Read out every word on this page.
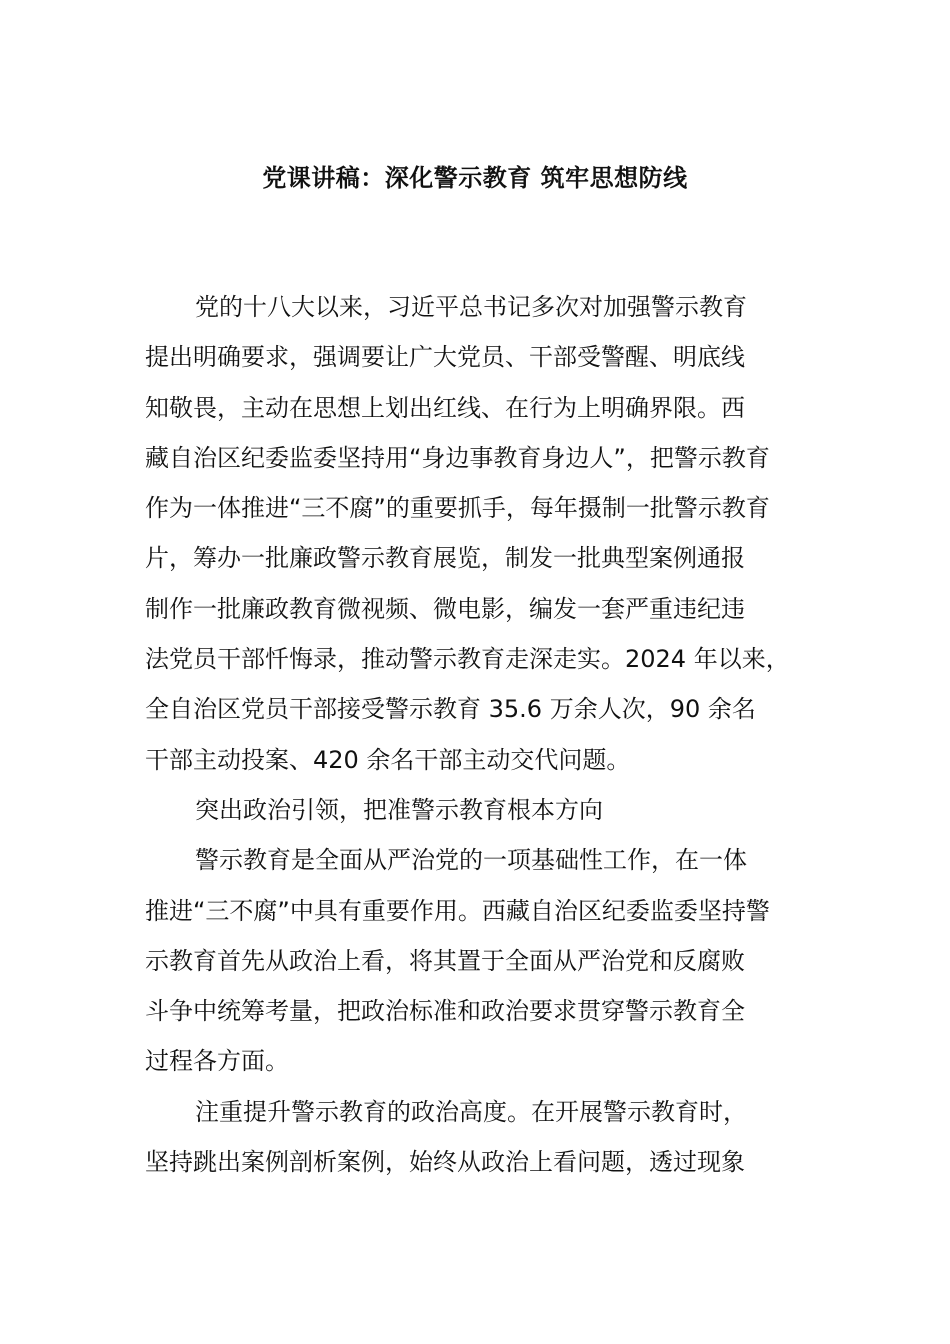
党课讲稿：深化警示教育 筑牢思想防线
党的十八大以来，习近平总书记多次对加强警示教育
提出明确要求，强调要让广大党员、干部受警醒、明底线
知敬畏，主动在思想上划出红线、在行为上明确界限。西
藏自治区纪委监委坚持用“身边事教育身边人”，把警示教育
作为一体推进“三不腐”的重要抓手，每年摄制一批警示教育
片，筹办一批廉政警示教育展览，制发一批典型案例通报
制作一批廉政教育微视频、微电影，编发一套严重违纪违
法党员干部忏悔录，推动警示教育走深走实。2024 年以来，
全自治区党员干部接受警示教育 35.6 万余人次，90 余名
干部主动投案、420 余名干部主动交代问题。
突出政治引领，把准警示教育根本方向
警示教育是全面从严治党的一项基础性工作，在一体
推进“三不腐”中具有重要作用。西藏自治区纪委监委坚持警
示教育首先从政治上看，将其置于全面从严治党和反腐败
斗争中统筹考量，把政治标准和政治要求贯穿警示教育全
过程各方面。
注重提升警示教育的政治高度。在开展警示教育时，
坚持跳出案例剖析案例，始终从政治上看问题，透过现象
